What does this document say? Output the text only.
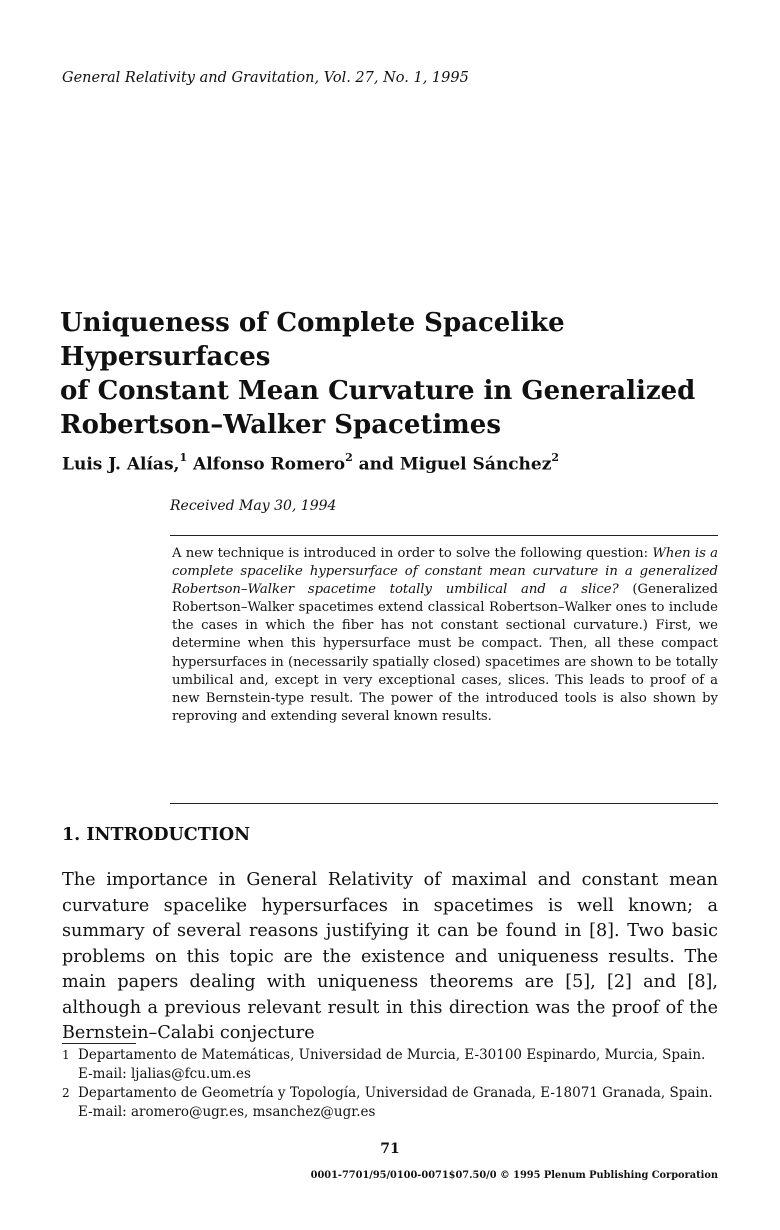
General Relativity and Gravitation, Vol. 27, No. 1, 1995
Uniqueness of Complete Spacelike Hypersurfaces
of Constant Mean Curvature in Generalized
Robertson–Walker Spacetimes
Luis J. Alías,$^1$ Alfonso Romero$^2$ and Miguel Sánchez$^2$
Received May 30, 1994
A new technique is introduced in order to solve the following question: When is a complete spacelike hypersurface of constant mean curvature in a generalized Robertson–Walker spacetime totally umbilical and a slice? (Generalized Robertson–Walker spacetimes extend classical Robertson–Walker ones to include the cases in which the fiber has not constant sectional curvature.) First, we determine when this hypersurface must be compact. Then, all these compact hypersurfaces in (necessarily spatially closed) spacetimes are shown to be totally umbilical and, except in very exceptional cases, slices. This leads to proof of a new Bernstein-type result. The power of the introduced tools is also shown by reproving and extending several known results.
1. INTRODUCTION
The importance in General Relativity of maximal and constant mean curvature spacelike hypersurfaces in spacetimes is well known; a summary of several reasons justifying it can be found in [8]. Two basic problems on this topic are the existence and uniqueness results. The main papers dealing with uniqueness theorems are [5], [2] and [8], although a previous relevant result in this direction was the proof of the Bernstein–Calabi conjecture
1 Departamento de Matemáticas, Universidad de Murcia, E-30100 Espinardo, Murcia, Spain. E-mail: ljalias@fcu.um.es
2 Departamento de Geometría y Topología, Universidad de Granada, E-18071 Granada, Spain. E-mail: aromero@ugr.es, msanchez@ugr.es
71
0001-7701/95/0100-0071$07.50/0 © 1995 Plenum Publishing Corporation
